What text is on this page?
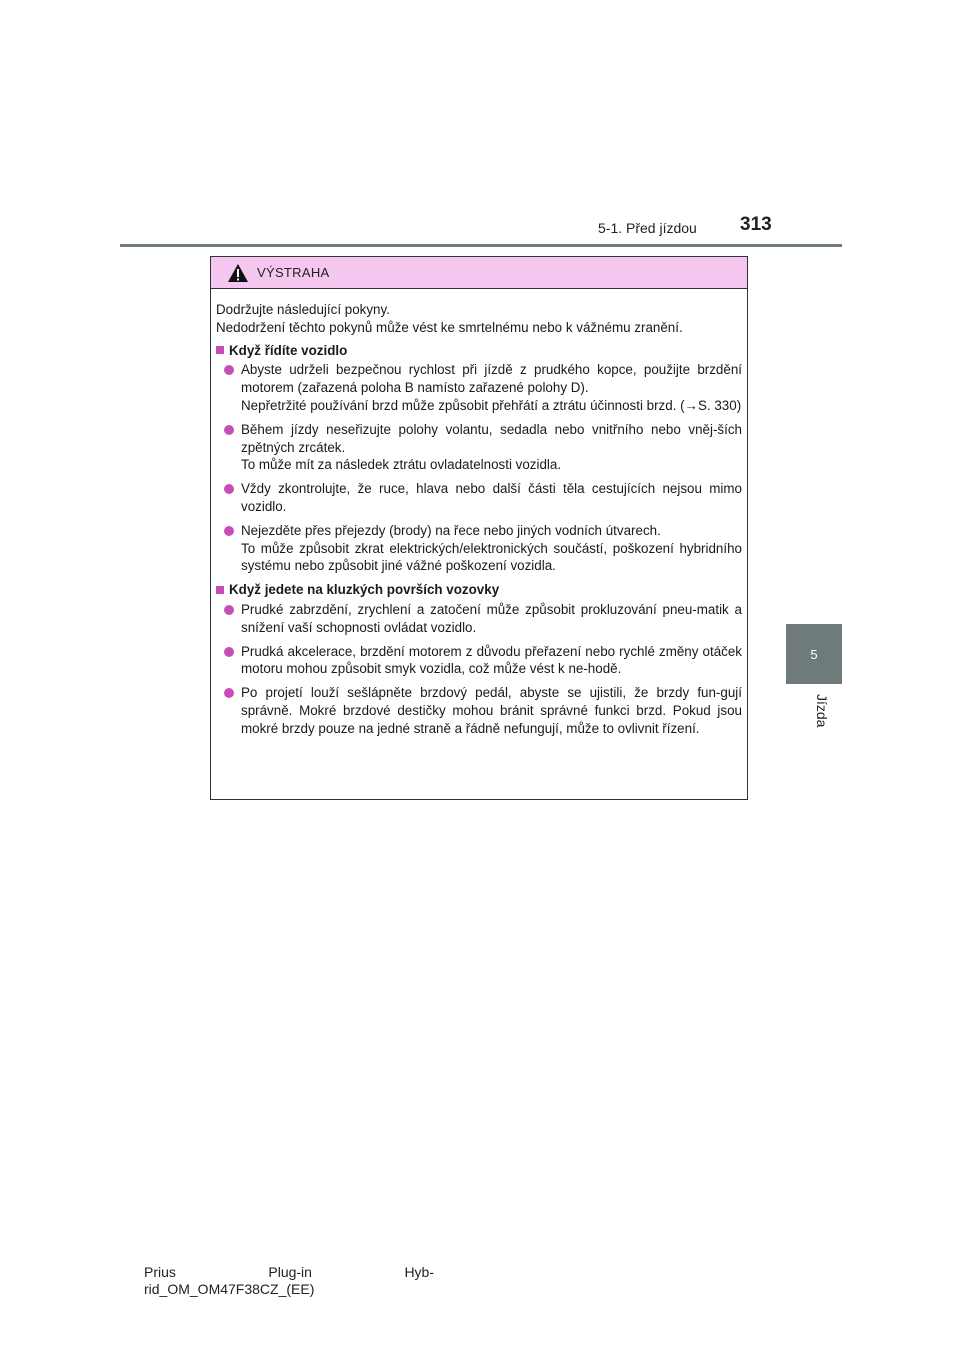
5-1. Před jízdou 313
5
Jízda
VÝSTRAHA

Dodržujte následující pokyny.

Nedodržení těchto pokynů může vést ke smrtelnému nebo k vážnému zranění.

Když řídíte vozidlo

Abyste udrželi bezpečnou rychlost při jízdě z prudkého kopce, použijte brzdění motorem (zařazená poloha B namísto zařazené polohy D).

Nepřetržité používání brzd může způsobit přehřátí a ztrátu účinnosti brzd. (→S. 330)

Během jízdy neseřizujte polohy volantu, sedadla nebo vnitřního nebo vněj-ších zpětných zrcátek.

To může mít za následek ztrátu ovladatelnosti vozidla.

Vždy zkontrolujte, že ruce, hlava nebo další části těla cestujících nejsou mimo vozidlo.

Nejezděte přes přejezdy (brody) na řece nebo jiných vodních útvarech.

To může způsobit zkrat elektrických/elektronických součástí, poškození hybridního systému nebo způsobit jiné vážné poškození vozidla.

Když jedete na kluzkých površích vozovky

Prudké zabrzdění, zrychlení a zatočení může způsobit prokluzování pneu-matik a snížení vaší schopnosti ovládat vozidlo.

Prudká akcelerace, brzdění motorem z důvodu přeřazení nebo rychlé změny otáček motoru mohou způsobit smyk vozidla, což může vést k ne-hodě.

Po projetí louží sešlápněte brzdový pedál, abyste se ujistili, že brzdy fun-gují správně. Mokré brzdové destičky mohou bránit správné funkci brzd. Pokud jsou mokré brzdy pouze na jedné straně a řádně nefungují, může to ovlivnit řízení.

Prius	Plug-in	Hyb-
rid_OM_OM47F38CZ_(EE)
